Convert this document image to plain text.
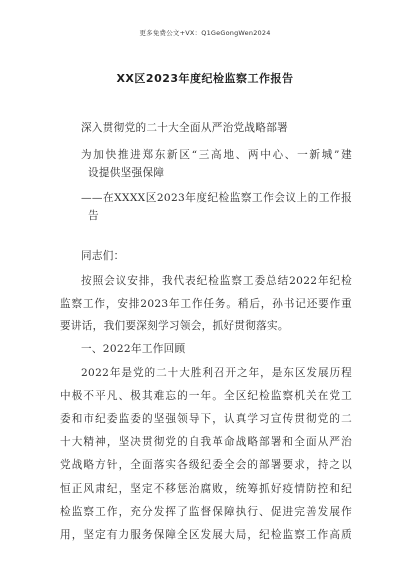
更多免费公文+VX：Q1GeGongWen2024
XX区2023年度纪检监察工作报告
深入贯彻党的二十大全面从严治党战略部署
为加快推进郑东新区“三高地、两中心、一新城”建
设提供坚强保障
——在XXXX区2023年度纪检监察工作会议上的工作报
告
同志们：
按照会议安排，我代表纪检监察工委总结2022年纪检
监察工作，安排2023年工作任务。稍后，孙书记还要作重
要讲话，我们要深刻学习领会，抓好贯彻落实。
一、2022年工作回顾
2022年是党的二十大胜利召开之年，是东区发展历程
中极不平凡、极其难忘的一年。全区纪检监察机关在党工
委和市纪委监委的坚强领导下，认真学习宣传贯彻党的二
十大精神，坚决贯彻党的自我革命战略部署和全面从严治
党战略方针，全面落实各级纪委全会的部署要求，持之以
恒正风肃纪，坚定不移惩治腐败，统筹抓好疫情防控和纪
检监察工作，充分发挥了监督保障执行、促进完善发展作
用，坚定有力服务保障全区发展大局，纪检监察工作高质
